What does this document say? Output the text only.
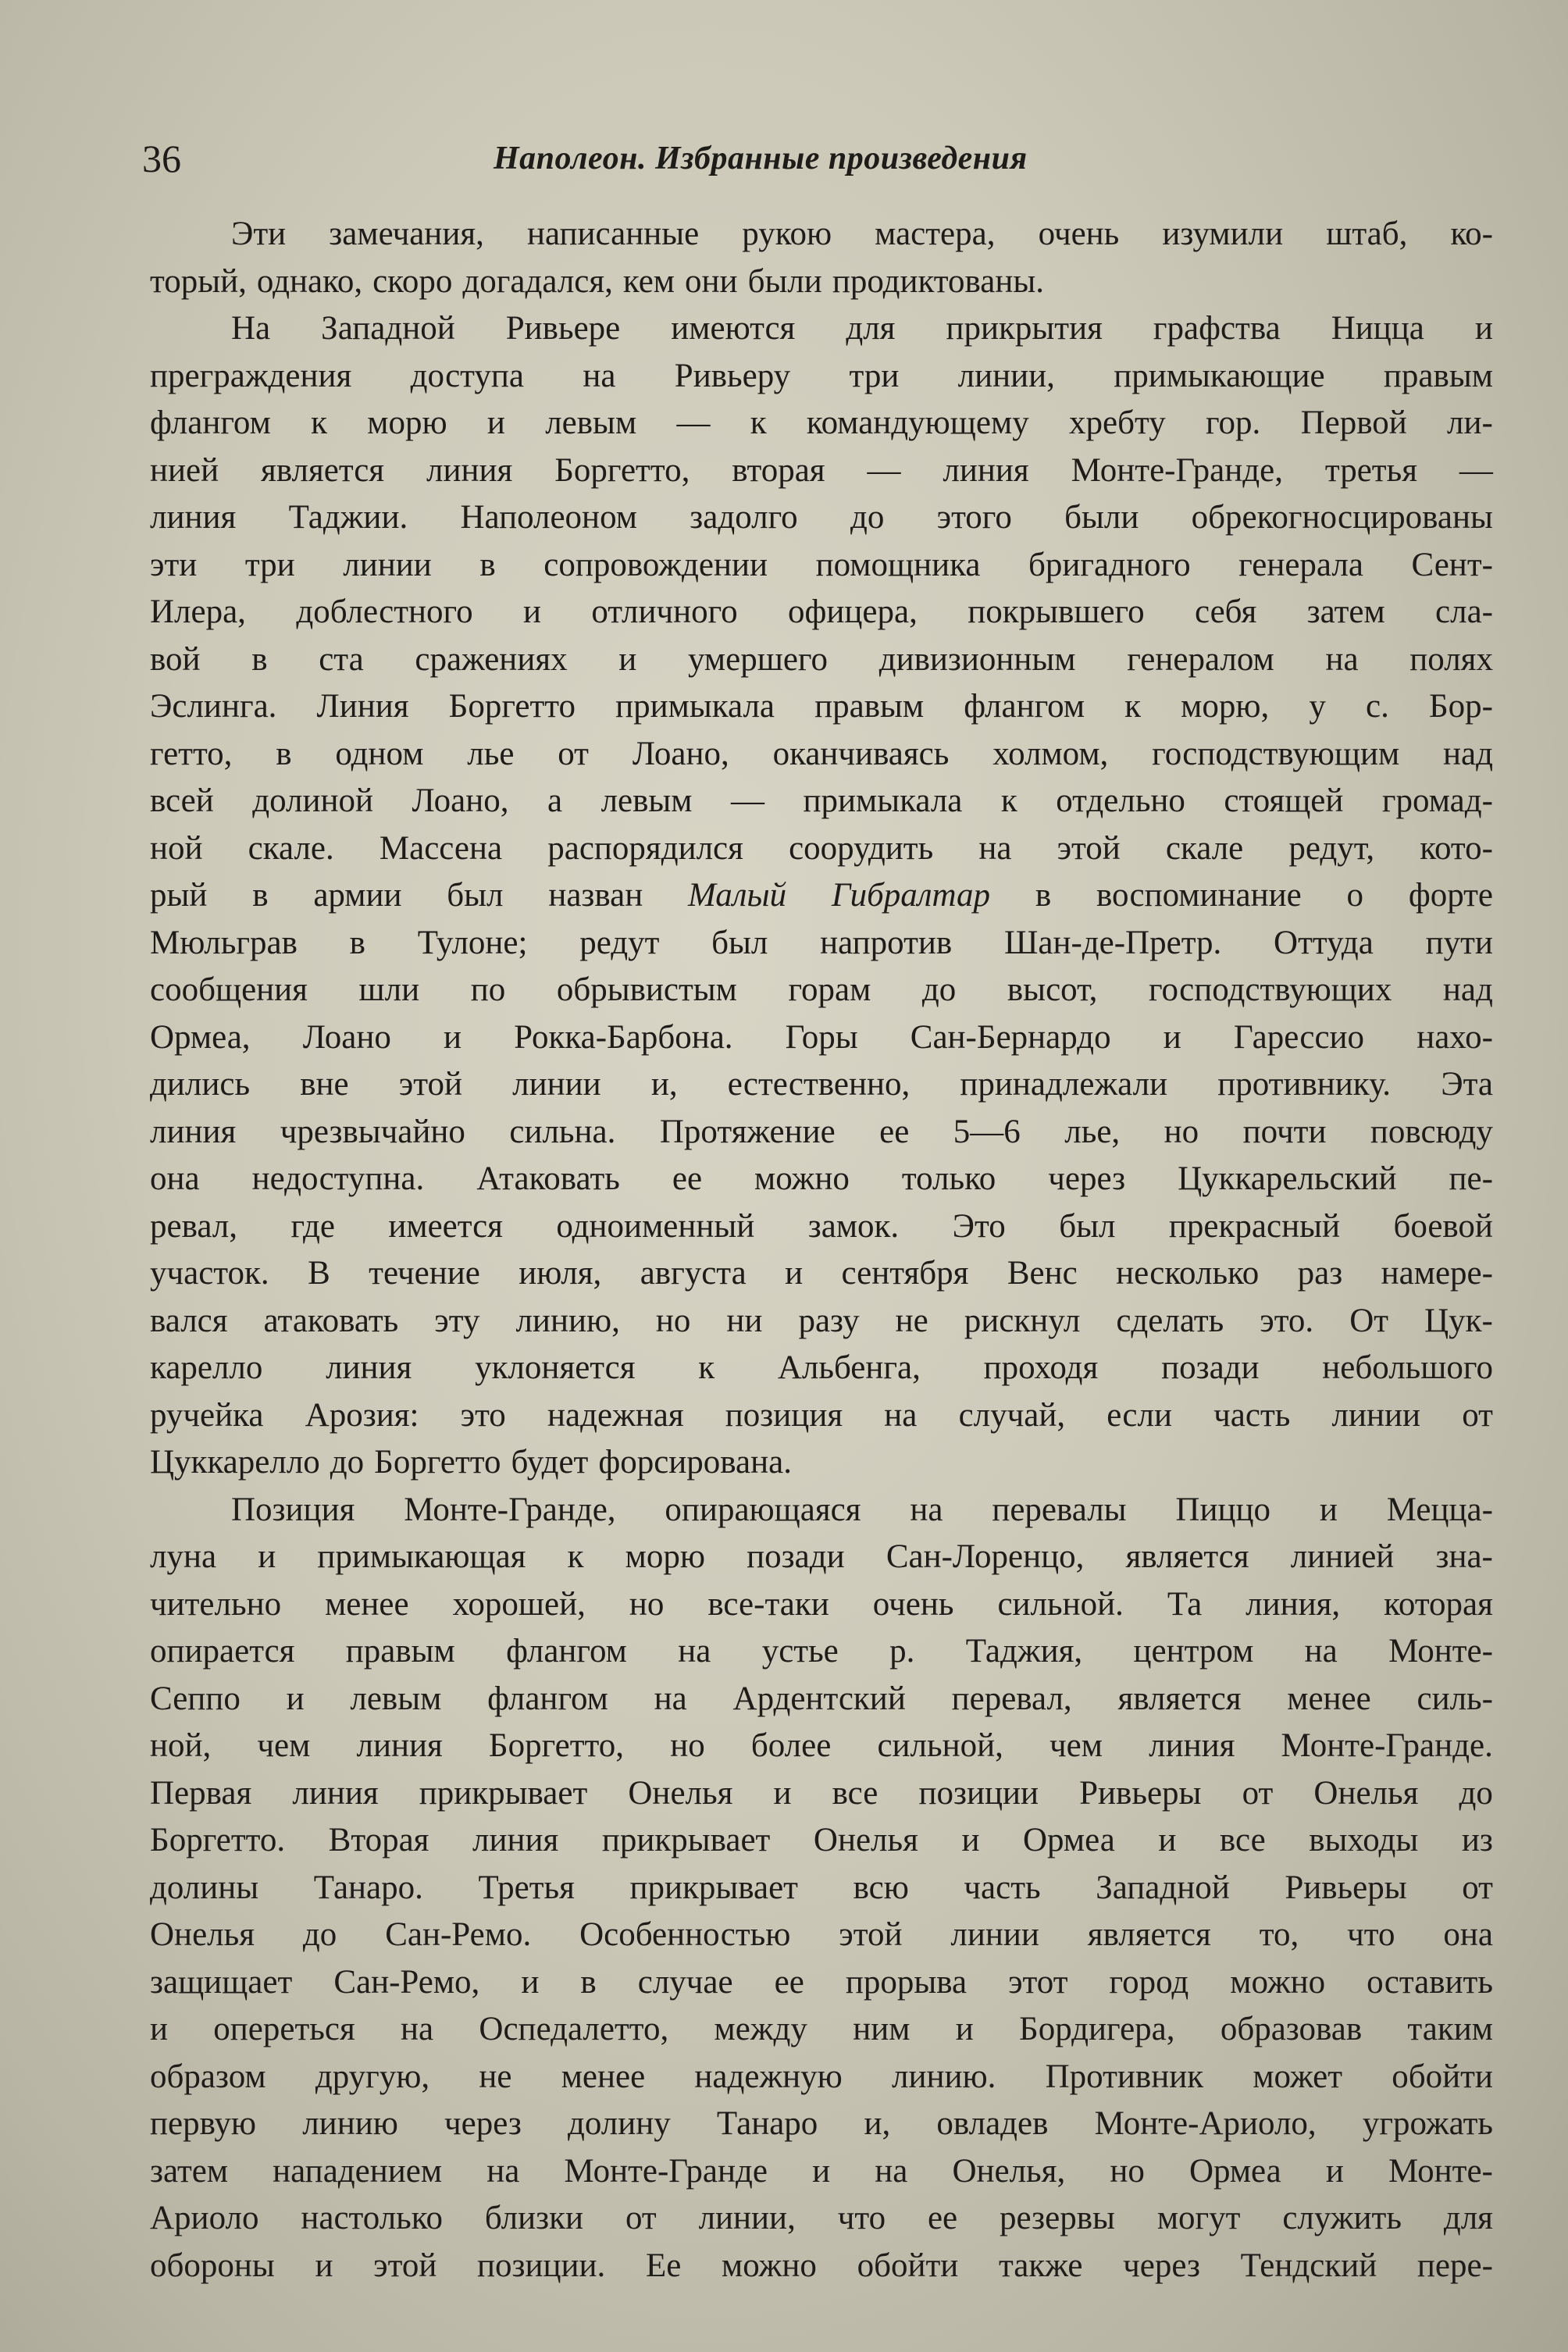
36	Наполеон. Избранные произведения
Эти замечания, написанные рукою мастера, очень изумили штаб, ко-
торый, однако, скоро догадался, кем они были продиктованы.
На Западной Ривьере имеются для прикрытия графства Ницца и
преграждения доступа на Ривьеру три линии, примыкающие правым
флангом к морю и левым — к командующему хребту гор. Первой ли-
нией является линия Боргетто, вторая — линия Монте-Гранде, третья —
линия Таджии. Наполеоном задолго до этого были обрекогносцированы
эти три линии в сопровождении помощника бригадного генерала Сент-
Илера, доблестного и отличного офицера, покрывшего себя затем сла-
вой в ста сражениях и умершего дивизионным генералом на полях
Эслинга. Линия Боргетто примыкала правым флангом к морю, у с. Бор-
гетто, в одном лье от Лоано, оканчиваясь холмом, господствующим над
всей долиной Лоано, а левым — примыкала к отдельно стоящей громад-
ной скале. Массена распорядился соорудить на этой скале редут, кото-
рый в армии был назван Малый Гибралтар в воспоминание о форте
Мюльграв в Тулоне; редут был напротив Шан-де-Претр. Оттуда пути
сообщения шли по обрывистым горам до высот, господствующих над
Ормеа, Лоано и Рокка-Барбона. Горы Сан-Бернардо и Гарессио нахо-
дились вне этой линии и, естественно, принадлежали противнику. Эта
линия чрезвычайно сильна. Протяжение ее 5—6 лье, но почти повсюду
она недоступна. Атаковать ее можно только через Цуккарельский пе-
ревал, где имеется одноименный замок. Это был прекрасный боевой
участок. В течение июля, августа и сентября Венс несколько раз намере-
вался атаковать эту линию, но ни разу не рискнул сделать это. От Цук-
карелло линия уклоняется к Альбенга, проходя позади небольшого
ручейка Арозия: это надежная позиция на случай, если часть линии от
Цуккарелло до Боргетто будет форсирована.
Позиция Монте-Гранде, опирающаяся на перевалы Пиццо и Мецца-
луна и примыкающая к морю позади Сан-Лоренцо, является линией зна-
чительно менее хорошей, но все-таки очень сильной. Та линия, которая
опирается правым флангом на устье р. Таджия, центром на Монте-
Сеппо и левым флангом на Ардентский перевал, является менее силь-
ной, чем линия Боргетто, но более сильной, чем линия Монте-Гранде.
Первая линия прикрывает Онелья и все позиции Ривьеры от Онелья до
Боргетто. Вторая линия прикрывает Онелья и Ормеа и все выходы из
долины Танаро. Третья прикрывает всю часть Западной Ривьеры от
Онелья до Сан-Ремо. Особенностью этой линии является то, что она
защищает Сан-Ремо, и в случае ее прорыва этот город можно оставить
и опереться на Оспедалетто, между ним и Бордигера, образовав таким
образом другую, не менее надежную линию. Противник может обойти
первую линию через долину Танаро и, овладев Монте-Ариоло, угрожать
затем нападением на Монте-Гранде и на Онелья, но Ормеа и Монте-
Ариоло настолько близки от линии, что ее резервы могут служить для
обороны и этой позиции. Ее можно обойти также через Тендский пере-
